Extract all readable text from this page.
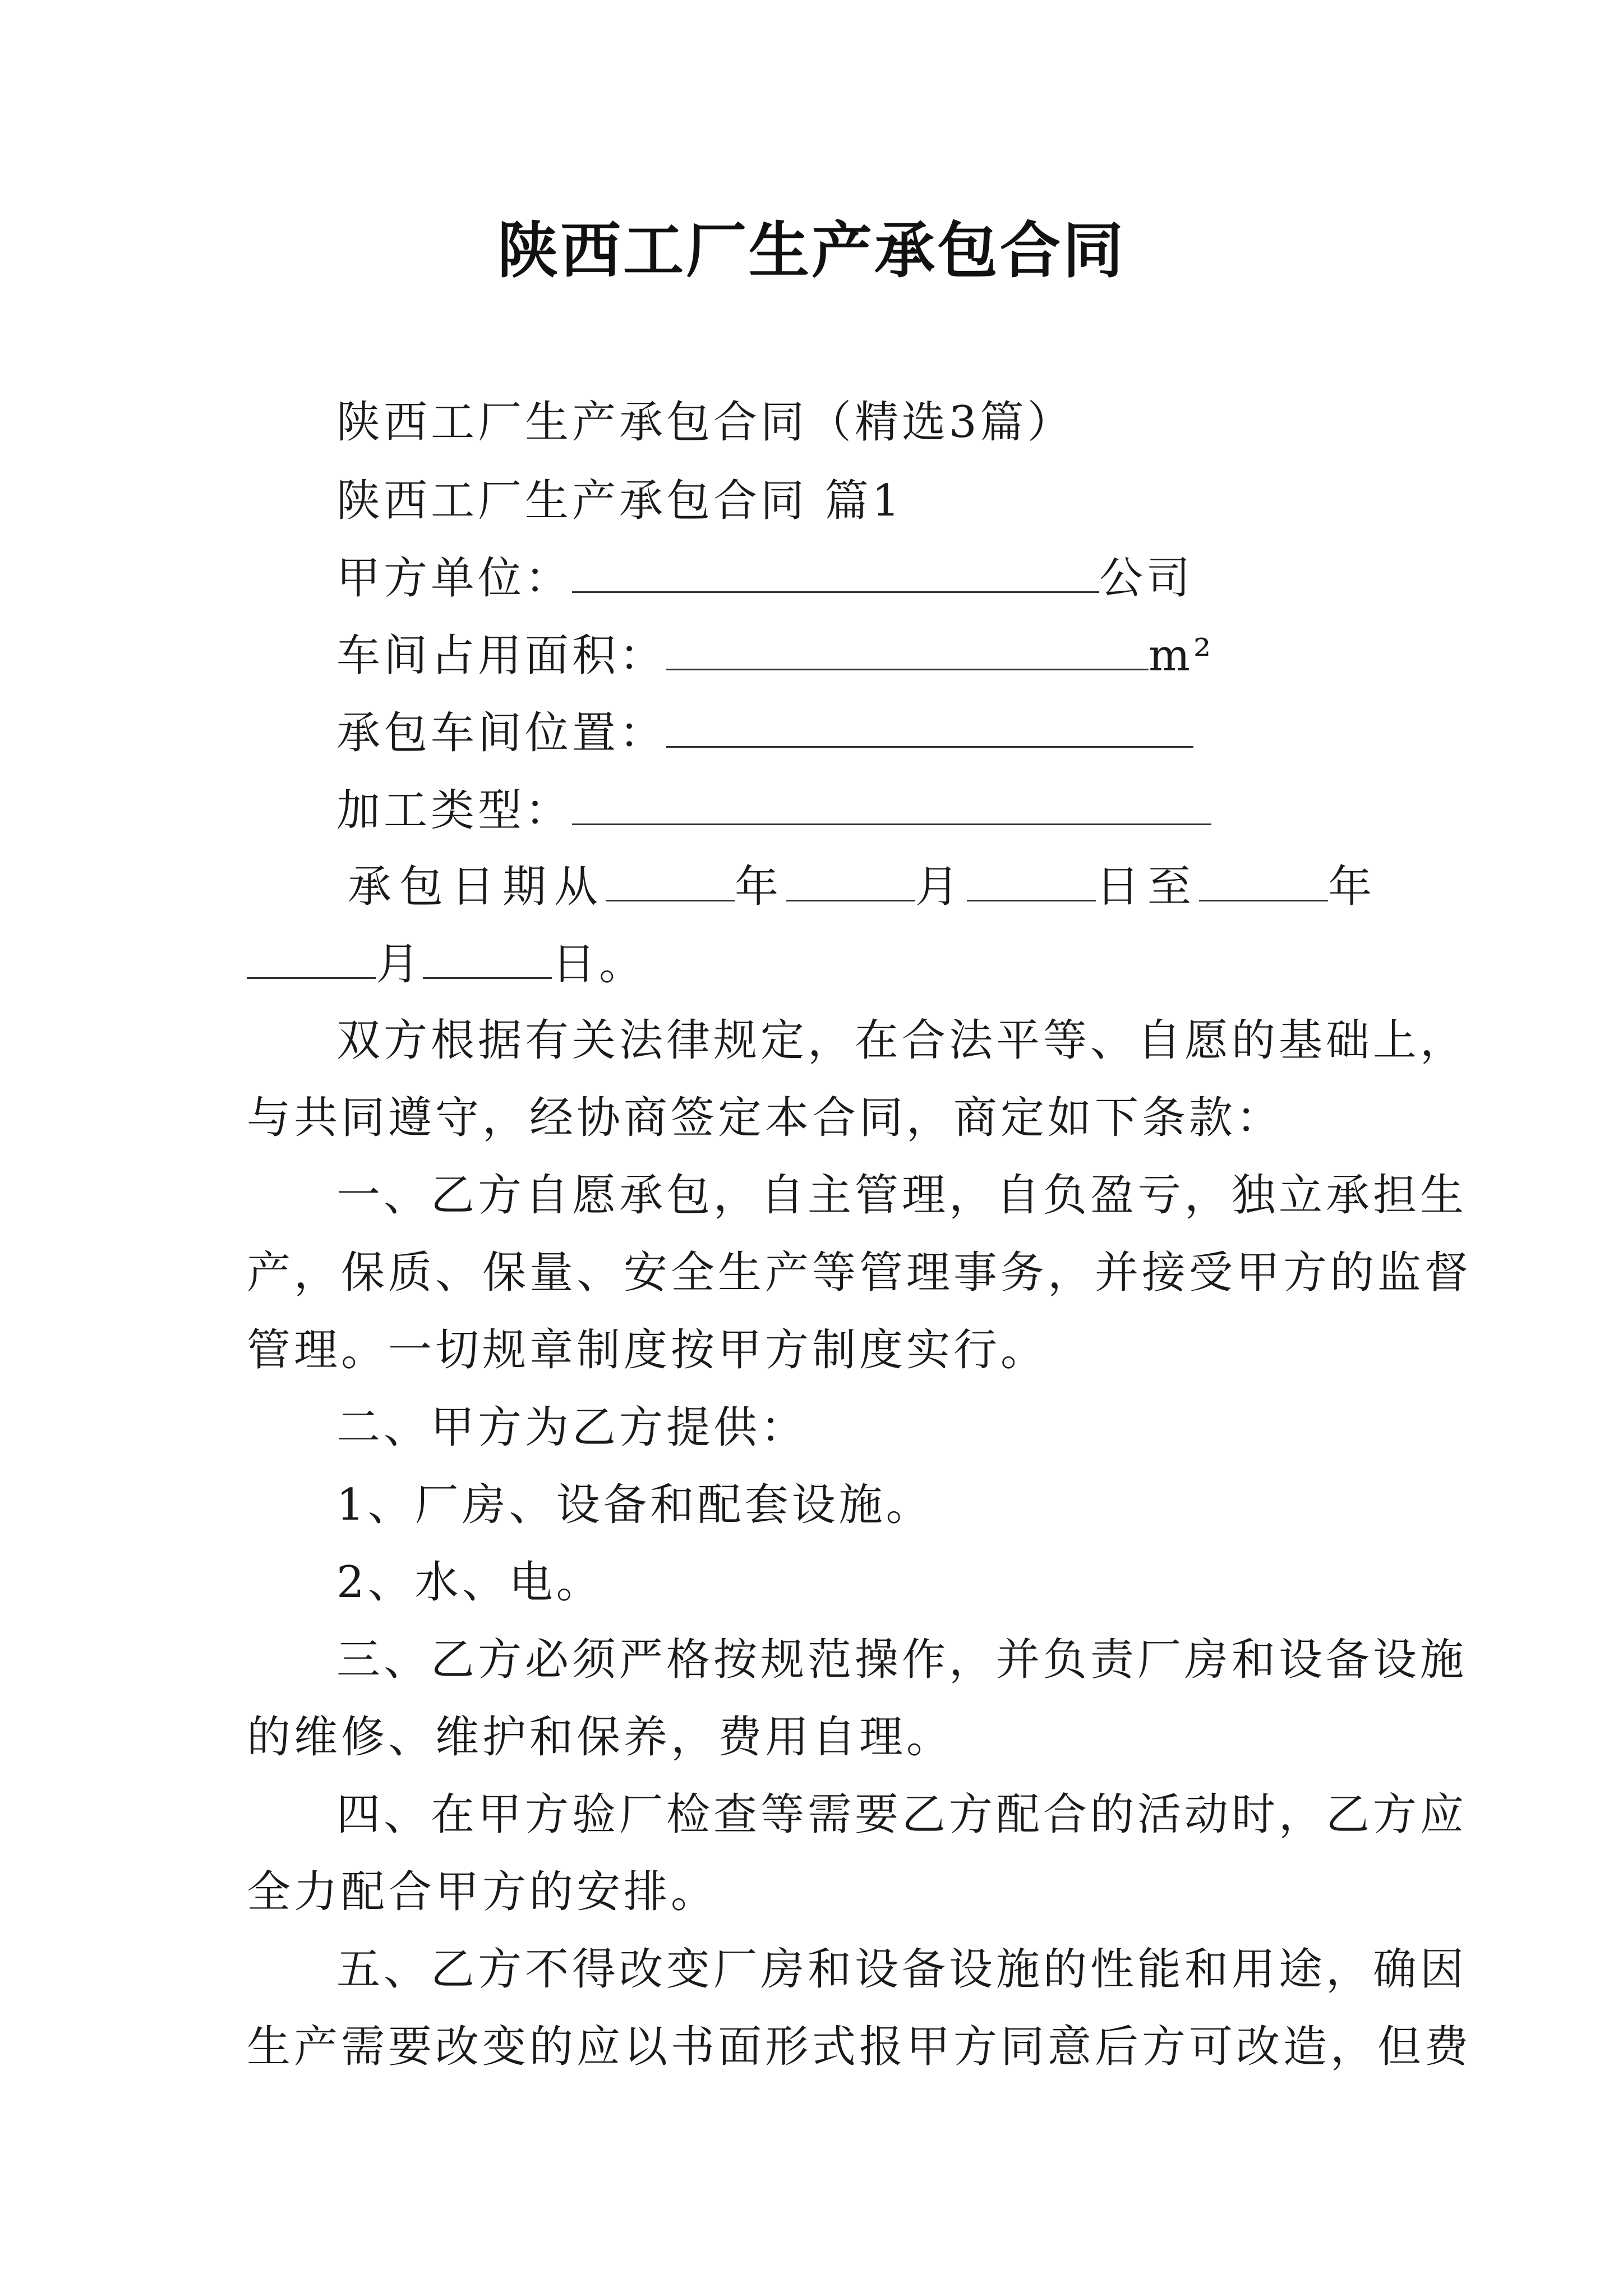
陕西工厂生产承包合同
陕西工厂生产承包合同（精选3篇）
陕西工厂生产承包合同 篇1
甲方单位：	公司
车间占用面积：	m²
承包车间位置：
加工类型：
承包日期从	年	月	日至	年
月	日。
双方根据有关法律规定，在合法平等、自愿的基础上，
与共同遵守，经协商签定本合同，商定如下条款：
一、乙方自愿承包，自主管理，自负盈亏，独立承担生
产，保质、保量、安全生产等管理事务，并接受甲方的监督
管理。一切规章制度按甲方制度实行。
二、甲方为乙方提供：
1、厂房、设备和配套设施。
2、水、电。
三、乙方必须严格按规范操作，并负责厂房和设备设施
的维修、维护和保养，费用自理。
四、在甲方验厂检查等需要乙方配合的活动时，乙方应
全力配合甲方的安排。
五、乙方不得改变厂房和设备设施的性能和用途，确因
生产需要改变的应以书面形式报甲方同意后方可改造，但费
